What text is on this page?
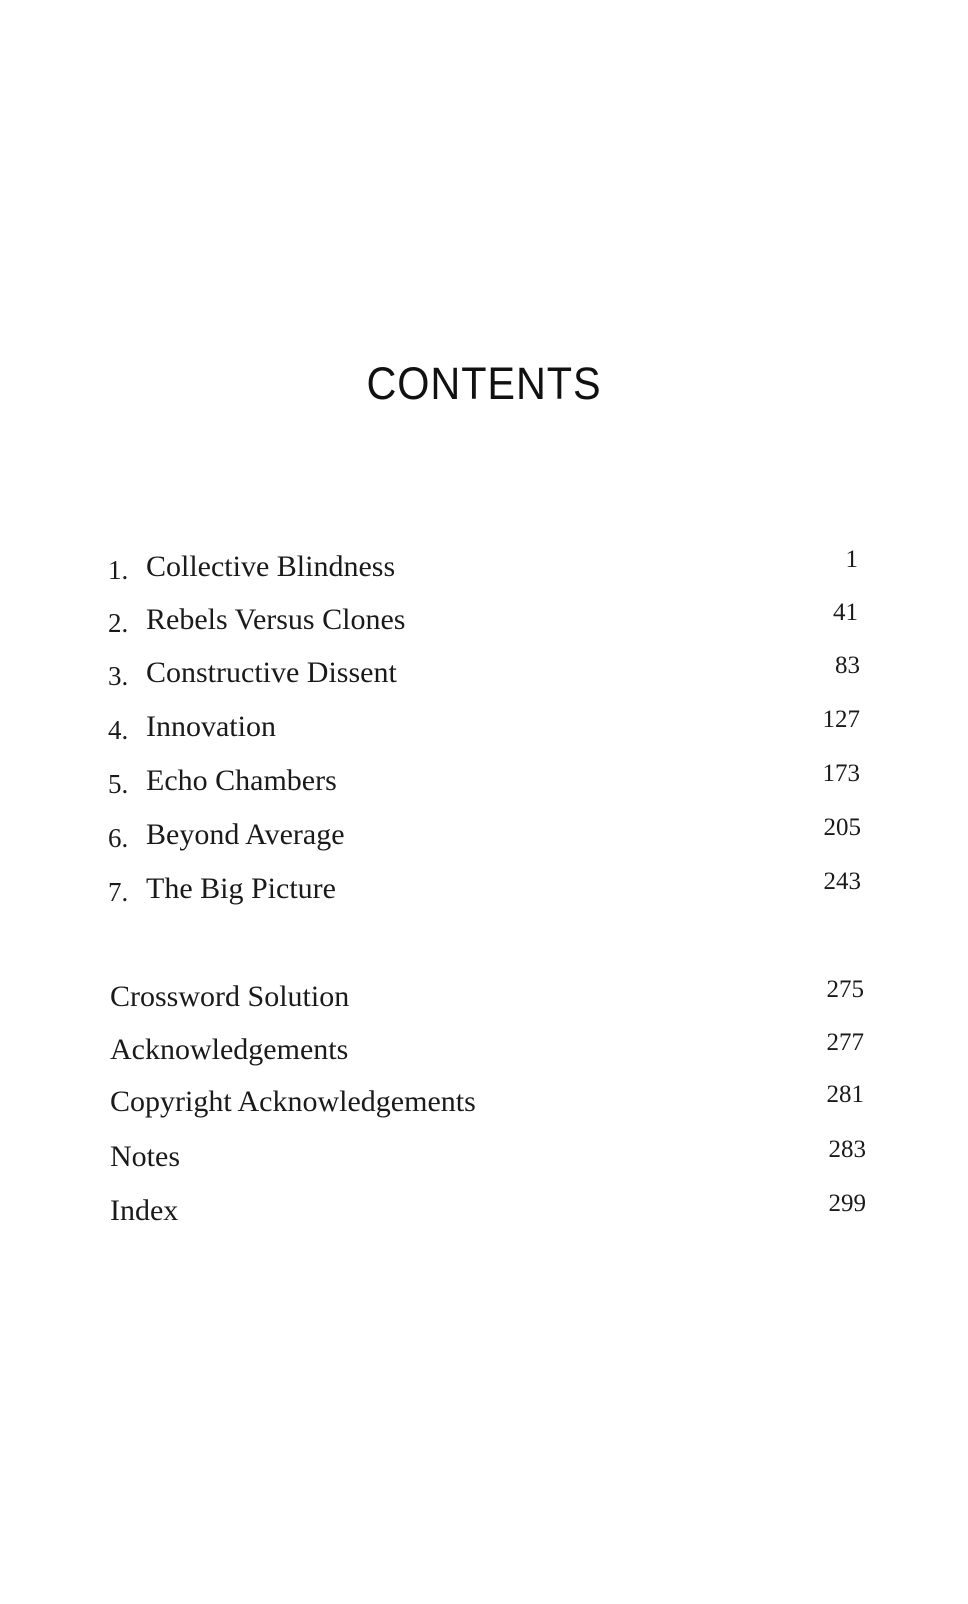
CONTENTS
1. Collective Blindness	1
2. Rebels Versus Clones	41
3. Constructive Dissent	83
4. Innovation	127
5. Echo Chambers	173
6. Beyond Average	205
7. The Big Picture	243
Crossword Solution	275
Acknowledgements	277
Copyright Acknowledgements	281
Notes	283
Index	299
